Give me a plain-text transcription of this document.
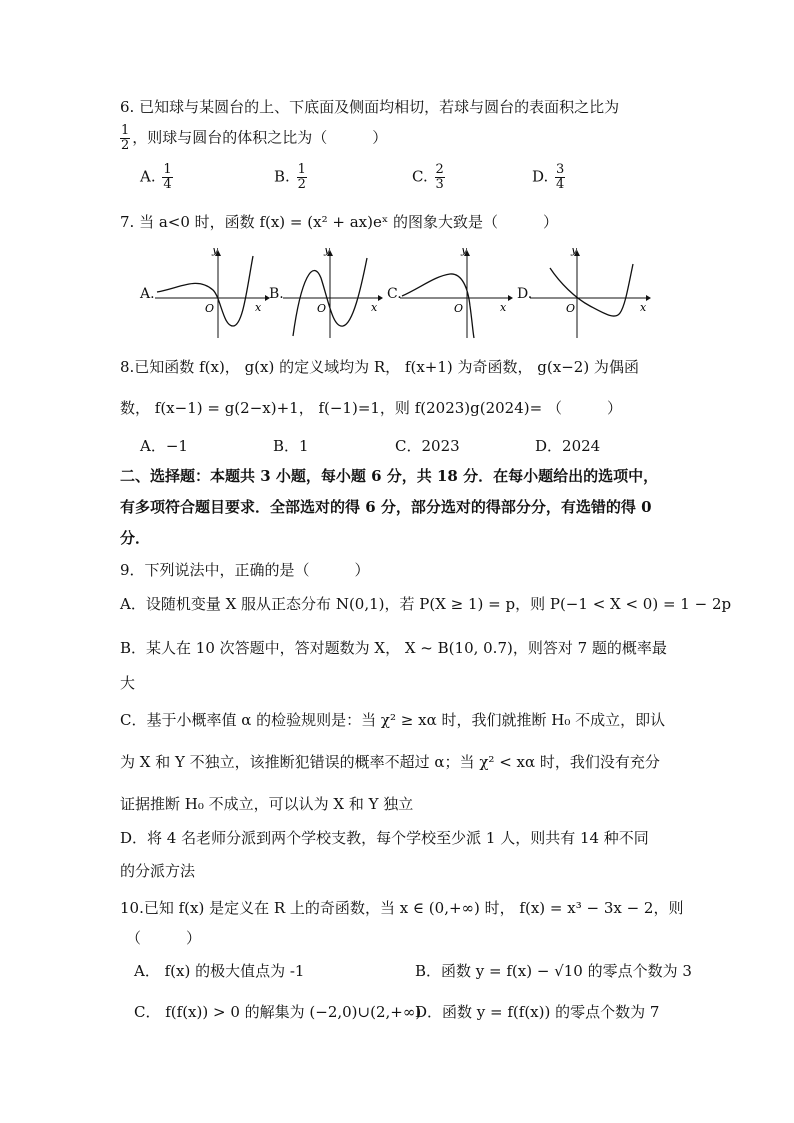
6. 已知球与某圆台的上、下底面及侧面均相切，若球与圆台的表面积之比为
$\frac{1}{2}$ ，则球与圆台的体积之比为（　　　）
A. $\frac{1}{4}$	B. $\frac{1}{2}$	C. $\frac{2}{3}$	D. $\frac{3}{4}$
7. 当 a<0 时，函数 f(x) = (x² + ax)eˣ 的图象大致是（　　　）
A.
y
x
O
B.
y
x
O
C.
y
x
O
D.
y
x
O
8.已知函数 f(x)， g(x) 的定义域均为 R， f(x+1) 为奇函数， g(x−2) 为偶函
数， f(x−1) = g(2−x)+1， f(−1)=1，则 f(2023)g(2024)= （　　　）
A．−1	B．1	C．2023	D．2024
二、选择题：本题共 3 小题，每小题 6 分，共 18 分．在每小题给出的选项中，
有多项符合题目要求．全部选对的得 6 分，部分选对的得部分分，有选错的得 0
分．
9．下列说法中，正确的是（　　　）
A．设随机变量 X 服从正态分布 N(0,1)，若 P(X ≥ 1) = p，则 P(−1 < X < 0) = 1 − 2p
B．某人在 10 次答题中，答对题数为 X， X ~ B(10, 0.7)，则答对 7 题的概率最
大
C．基于小概率值 α 的检验规则是：当 χ² ≥ xα 时，我们就推断 H₀ 不成立，即认
为 X 和 Y 不独立，该推断犯错误的概率不超过 α；当 χ² < xα 时，我们没有充分
证据推断 H₀ 不成立，可以认为 X 和 Y 独立
D．将 4 名老师分派到两个学校支教，每个学校至少派 1 人，则共有 14 种不同
的分派方法
10.已知 f(x) 是定义在 R 上的奇函数，当 x ∈ (0,+∞) 时， f(x) = x³ − 3x − 2，则
（　　　）
A． f(x) 的极大值点为 -1	B．函数 y = f(x) − √10 的零点个数为 3
C． f(f(x)) > 0 的解集为 (−2,0)∪(2,+∞)
D．函数 y = f(f(x)) 的零点个数为 7
